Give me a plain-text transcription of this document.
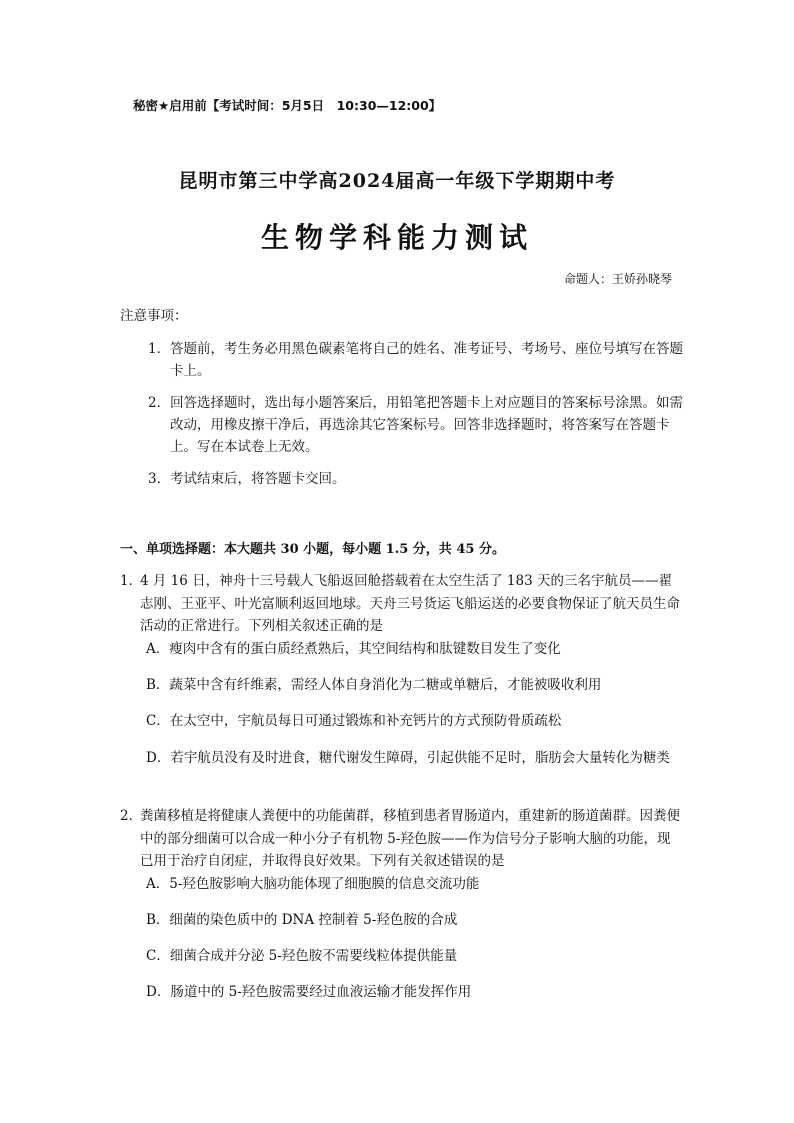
秘密★启用前【考试时间：5月5日　10:30—12:00】
昆明市第三中学高2024届高一年级下学期期中考
生物学科能力测试
命题人：王娇孙晓琴
注意事项：
1． 答题前，考生务必用黑色碳素笔将自己的姓名、准考证号、考场号、座位号填写在答题卡上。
2． 回答选择题时，选出每小题答案后，用铅笔把答题卡上对应题目的答案标号涂黑。如需改动，用橡皮擦干净后，再选涂其它答案标号。回答非选择题时，将答案写在答题卡上。写在本试卷上无效。
3． 考试结束后，将答题卡交回。
一、单项选择题：本大题共 30 小题，每小题 1.5 分，共 45 分。
1．
4 月 16 日，神舟十三号载人飞船返回舱搭载着在太空生活了 183 天的三名宇航员——翟志刚、王亚平、叶光富顺利返回地球。天舟三号货运飞船运送的必要食物保证了航天员生命活动的正常进行。下列相关叙述正确的是
A．瘦肉中含有的蛋白质经煮熟后，其空间结构和肽键数目发生了变化
B．蔬菜中含有纤维素，需经人体自身消化为二糖或单糖后，才能被吸收利用
C．在太空中，宇航员每日可通过锻炼和补充钙片的方式预防骨质疏松
D．若宇航员没有及时进食，糖代谢发生障碍，引起供能不足时，脂肪会大量转化为糖类
2．
粪菌移植是将健康人粪便中的功能菌群，移植到患者胃肠道内，重建新的肠道菌群。因粪便中的部分细菌可以合成一种小分子有机物 5-羟色胺——作为信号分子影响大脑的功能，现已用于治疗自闭症，并取得良好效果。下列有关叙述错误的是
A．5-羟色胺影响大脑功能体现了细胞膜的信息交流功能
B．细菌的染色质中的 DNA 控制着 5-羟色胺的合成
C．细菌合成并分泌 5-羟色胺不需要线粒体提供能量
D．肠道中的 5-羟色胺需要经过血液运输才能发挥作用
